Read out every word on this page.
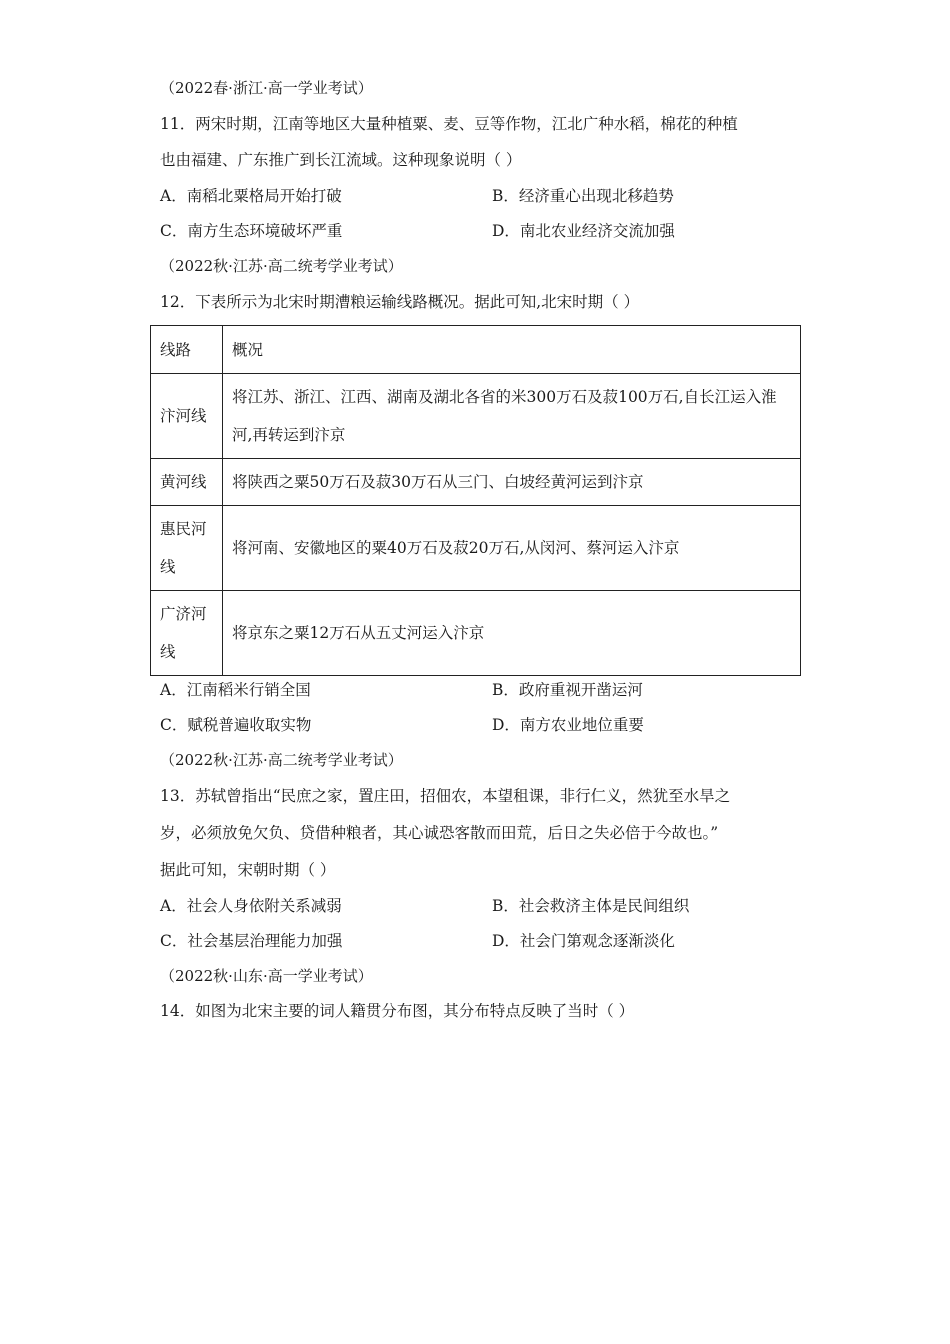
（2022春·浙江·高一学业考试）
11．两宋时期，江南等地区大量种植粟、麦、豆等作物，江北广种水稻，棉花的种植
也由福建、广东推广到长江流域。这种现象说明（ ）
A．南稻北粟格局开始打破	B．经济重心出现北移趋势
C．南方生态环境破坏严重	D．南北农业经济交流加强
（2022秋·江苏·高二统考学业考试）
12．下表所示为北宋时期漕粮运输线路概况。据此可知,北宋时期（ ）
线路	概况
汴河线	将江苏、浙江、江西、湖南及湖北各省的米300万石及菽100万石,自长江运入淮河,再转运到汴京
黄河线	将陕西之粟50万石及菽30万石从三门、白坡经黄河运到汴京
惠民河线	将河南、安徽地区的粟40万石及菽20万石,从闵河、蔡河运入汴京
广济河线	将京东之粟12万石从五丈河运入汴京
A．江南稻米行销全国	B．政府重视开凿运河
C．赋税普遍收取实物	D．南方农业地位重要
（2022秋·江苏·高二统考学业考试）
13．苏轼曾指出“民庶之家，置庄田，招佃农，本望租课，非行仁义，然犹至水旱之
岁，必须放免欠负、贷借种粮者，其心诚恐客散而田荒，后日之失必倍于今故也。”
据此可知，宋朝时期（ ）
A．社会人身依附关系减弱	B．社会救济主体是民间组织
C．社会基层治理能力加强	D．社会门第观念逐渐淡化
（2022秋·山东·高一学业考试）
14．如图为北宋主要的词人籍贯分布图，其分布特点反映了当时（ ）
